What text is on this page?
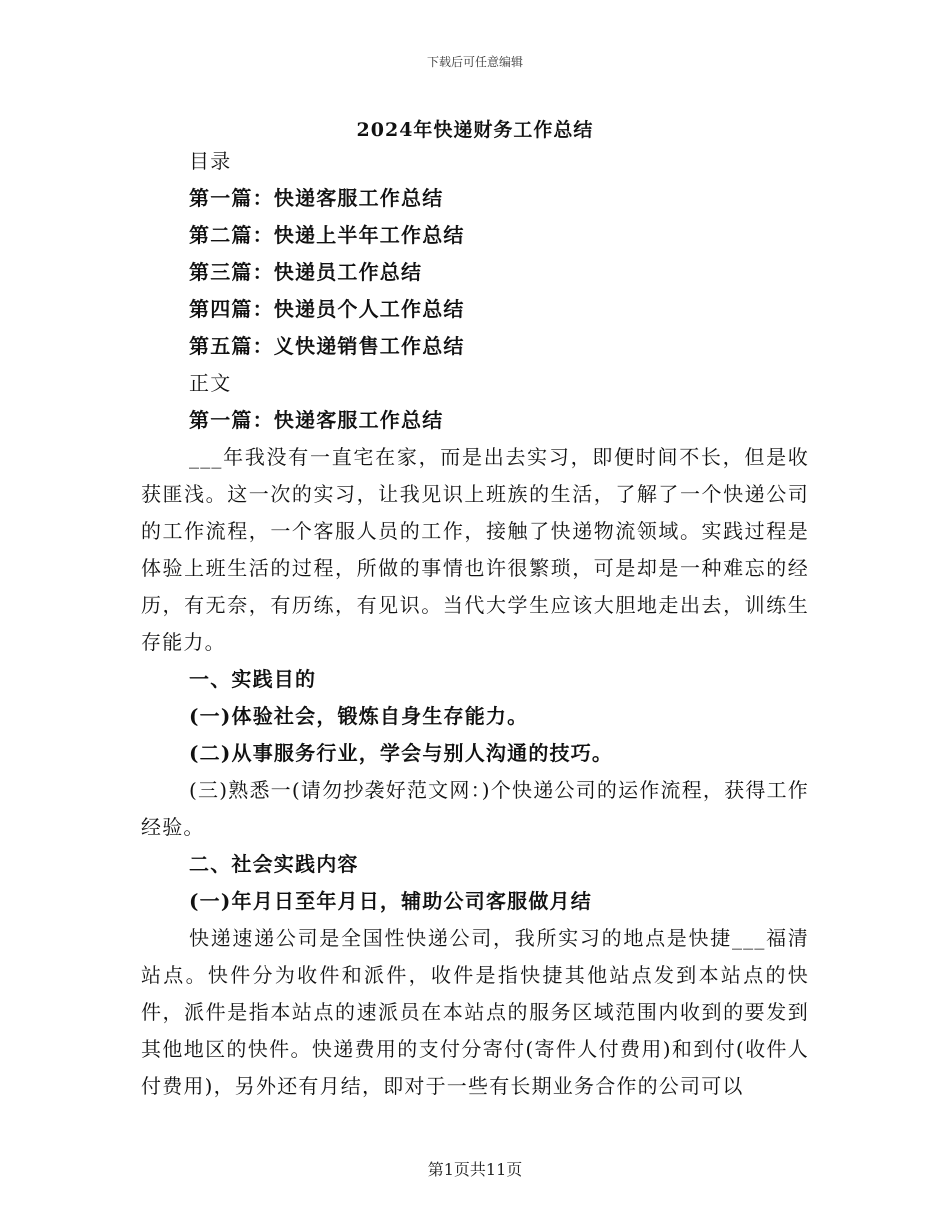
下载后可任意编辑
2024年快递财务工作总结
目录
第一篇：快递客服工作总结
第二篇：快递上半年工作总结
第三篇：快递员工作总结
第四篇：快递员个人工作总结
第五篇：义快递销售工作总结
正文
第一篇：快递客服工作总结

___年我没有一直宅在家，而是出去实习，即便时间不长，但是收获匪浅。这一次的实习，让我见识上班族的生活，了解了一个快递公司的工作流程，一个客服人员的工作，接触了快递物流领域。实践过程是体验上班生活的过程，所做的事情也许很繁琐，可是却是一种难忘的经历，有无奈，有历练，有见识。当代大学生应该大胆地走出去，训练生存能力。

一、实践目的
(一)体验社会，锻炼自身生存能力。
(二)从事服务行业，学会与别人沟通的技巧。

(三)熟悉一(请勿抄袭好范文网：)个快递公司的运作流程，获得工作经验。

二、社会实践内容
(一)年月日至年月日，辅助公司客服做月结

快递速递公司是全国性快递公司，我所实习的地点是快捷___福清站点。快件分为收件和派件，收件是指快捷其他站点发到本站点的快件，派件是指本站点的速派员在本站点的服务区域范围内收到的要发到其他地区的快件。快递费用的支付分寄付(寄件人付费用)和到付(收件人付费用)，另外还有月结，即对于一些有长期业务合作的公司可以

第1页共11页
